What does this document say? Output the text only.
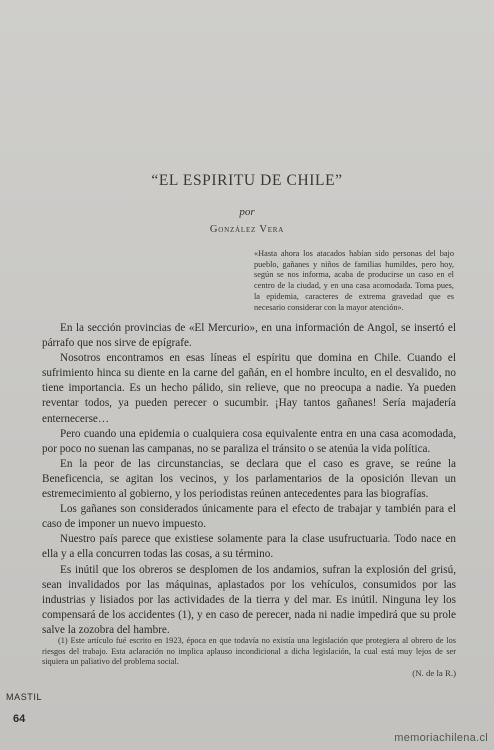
“EL ESPIRITU DE CHILE”
por
González Vera
«Hasta ahora los atacados habían sido personas del bajo pueblo, gañanes y niños de familias humildes, pero hoy, según se nos informa, acaba de producirse un caso en el centro de la ciudad, y en una casa acomodada. Toma pues, la epidemia, caracteres de extrema gravedad que es necesario considerar con la mayor atención».

En la sección provincias de «El Mercurio», en una información de Angol, se insertó el párrafo que nos sirve de epígrafe.

Nosotros encontramos en esas líneas el espíritu que domina en Chile. Cuando el sufrimiento hinca su diente en la carne del gañán, en el hombre inculto, en el desvalido, no tiene importancia. Es un hecho pálido, sin relieve, que no preocupa a nadie. Ya pueden reventar todos, ya pueden perecer o sucumbir. ¡Hay tantos gañanes! Sería majadería enternecerse…

Pero cuando una epidemia o cualquiera cosa equivalente entra en una casa acomodada, por poco no suenan las campanas, no se paraliza el tránsito o se atenúa la vida política.

En la peor de las circunstancias, se declara que el caso es grave, se reúne la Beneficencia, se agitan los vecinos, y los parlamentarios de la oposición llevan un estremecimiento al gobierno, y los periodistas reúnen antecedentes para las biografías.

Los gañanes son considerados únicamente para el efecto de trabajar y también para el caso de imponer un nuevo impuesto.

Nuestro país parece que existiese solamente para la clase usufructuaria. Todo nace en ella y a ella concurren todas las cosas, a su término.

Es inútil que los obreros se desplomen de los andamios, sufran la explosión del grisú, sean invalidados por las máquinas, aplastados por los vehículos, consumidos por las industrias y lisiados por las actividades de la tierra y del mar. Es inútil. Ninguna ley los compensará de los accidentes (1), y en caso de perecer, nada ni nadie impedirá que su prole salve la zozobra del hambre.

(1) Este artículo fué escrito en 1923, época en que todavía no existía una legislación que protegiera al obrero de los riesgos del trabajo. Esta aclaración no implica aplauso incondicional a dicha legislación, la cual está muy lejos de ser siquiera un paliativo del problema social.

(N. de la R.)
MASTIL
64
memoriachilena.cl
